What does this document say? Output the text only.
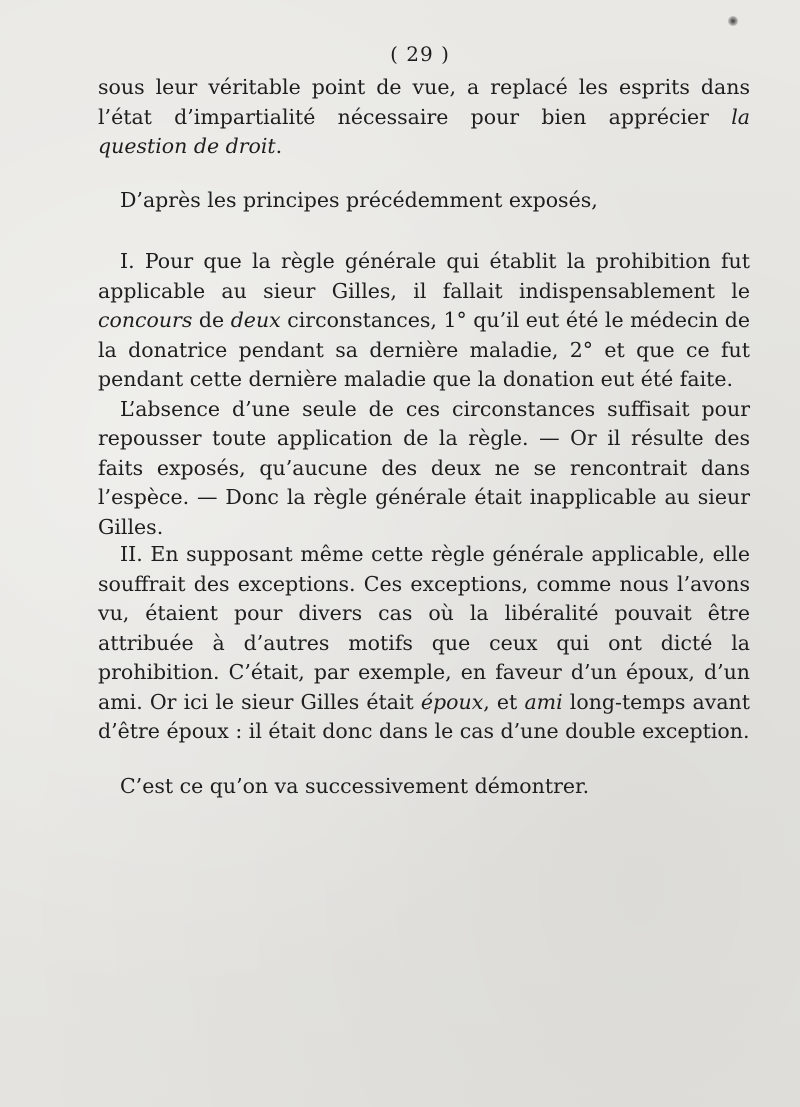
( 29 )

sous leur véritable point de vue, a replacé les esprits dans l’état d’impartialité nécessaire pour bien apprécier la question de droit.

D’après les principes précédemment exposés,

I. Pour que la règle générale qui établit la prohibition fut applicable au sieur Gilles, il fallait indispensablement le concours de deux circonstances, 1° qu’il eut été le médecin de la donatrice pendant sa dernière maladie, 2° et que ce fut pendant cette dernière maladie que la donation eut été faite.

L’absence d’une seule de ces circonstances suffisait pour repousser toute application de la règle. — Or il résulte des faits exposés, qu’aucune des deux ne se rencontrait dans l’espèce. — Donc la règle générale était inapplicable au sieur Gilles.

II. En supposant même cette règle générale applicable, elle souffrait des exceptions. Ces exceptions, comme nous l’avons vu, étaient pour divers cas où la libéralité pouvait être attribuée à d’autres motifs que ceux qui ont dicté la prohibition. C’était, par exemple, en faveur d’un époux, d’un ami. Or ici le sieur Gilles était époux, et ami long-temps avant d’être époux : il était donc dans le cas d’une double exception.

C’est ce qu’on va successivement démontrer.
